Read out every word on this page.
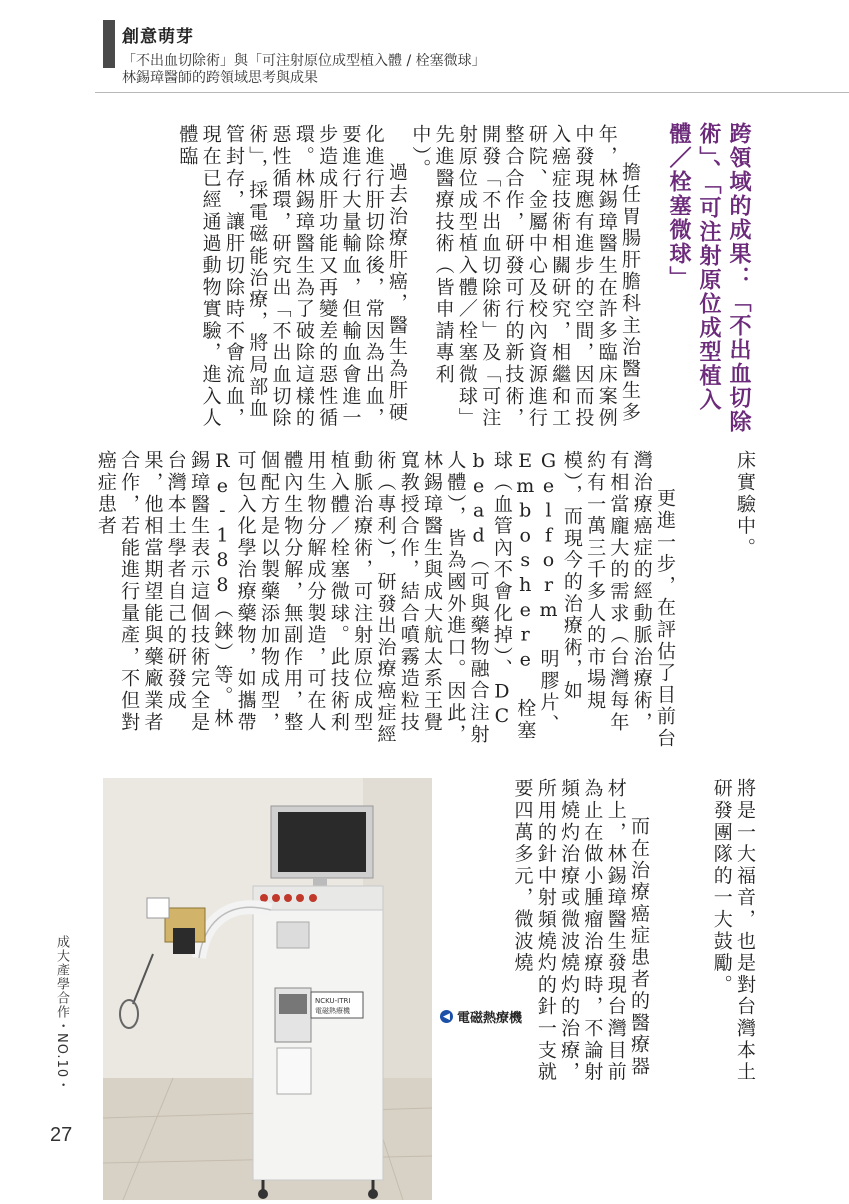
創意萌芽
「不出血切除術」與「可注射原位成型植入體 / 栓塞微球」
林錫璋醫師的跨領域思考與成果
跨領域的成果：「不出血切除術」、「可注射原位成型植入體／栓塞微球」

擔任胃腸肝膽科主治醫生多年，林錫璋醫生在許多臨床案例中發現應有進步的空間，因而投入癌症技術相關研究，相繼和工研院、金屬中心及校內資源進行整合合作，研發可行的新技術，開發「不出血切除術」及「可注射原位成型植入體／栓塞微球」先進醫療技術（皆申請專利中）。

過去治療肝癌，醫生為肝硬化進行肝切除後，常因為出血，要進行大量輸血，但輸血會進一步造成肝功能又再變差的惡性循環。林錫璋醫生為了破除這樣的惡性循環，研究出「不出血切除術」，採電磁能治療，將局部血管封存，讓肝切除時不會流血，現在已經通過動物實驗，進入人體臨

床實驗中。

更進一步，在評估了目前台灣治療癌症的經動脈治療術，有相當龐大的需求（台灣每年約有一萬三千多人的市場規模），而現今的治療術，如 Gelform 明膠片、Emboshere 栓塞球（血管內不會化掉）、DC bead（可與藥物融合注射人體），皆為國外進口。因此，林錫璋醫生與成大航太系王覺寬教授合作，結合噴霧造粒技術（專利），研發出治療癌症經動脈治療術，可注射原位成型植入體／栓塞微球。此技術利用生物分解成分製造，可在人體內生物分解，無副作用，整個配方是以製藥添加物成型，可包入化學治療藥物，如攜帶 Re-188（錸）等。林錫璋醫生表示這個技術完全是台灣本土學者自己的研發成果，他相當期望能與藥廠業者合作，若能進行量產，不但對癌症患者

將是一大福音，也是對台灣本土研發團隊的一大鼓勵。

而在治療癌症患者的醫療器材上，林錫璋醫生發現台灣目前為止在做小腫瘤治療時，不論射頻燒灼治療或微波燒灼的治療，所用的針中射頻燒灼的針一支就要四萬多元，微波燒

NCKU-ITRI
電磁熱療機
◀ 電磁熱療機
成大產學合作・NO.10・
27
